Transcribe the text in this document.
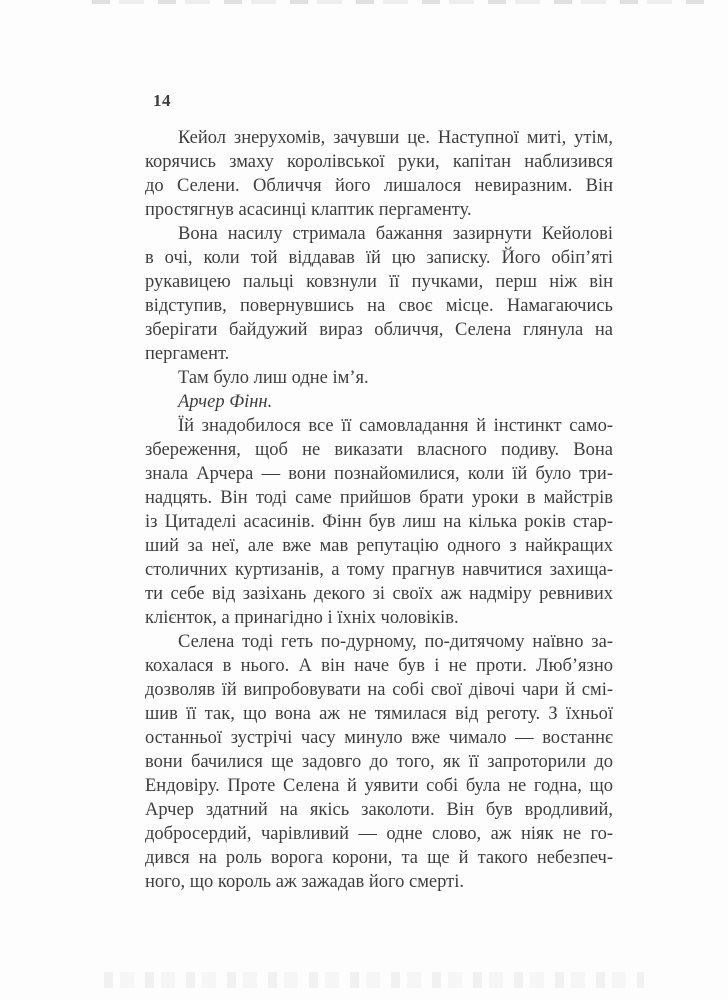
14
Кейол знерухомів, зачувши це. Наступної миті, утім,
корячись змаху королівської руки, капітан наблизився
до Селени. Обличчя його лишалося невиразним. Він
простягнув асасинці клаптик пергаменту.
Вона насилу стримала бажання зазирнути Кейолові
в очі, коли той віддавав їй цю записку. Його обіп’яті
рукавицею пальці ковзнули її пучками, перш ніж він
відступив, повернувшись на своє місце. Намагаючись
зберігати байдужий вираз обличчя, Селена глянула на
пергамент.
Там було лиш одне ім’я.
Арчер Фінн.
Їй знадобилося все її самовладання й інстинкт само-
збереження, щоб не виказати власного подиву. Вона
знала Арчера — вони познайомилися, коли їй було три-
надцять. Він тоді саме прийшов брати уроки в майстрів
із Цитаделі асасинів. Фінн був лиш на кілька років стар-
ший за неї, але вже мав репутацію одного з найкращих
столичних куртизанів, а тому прагнув навчитися захища-
ти себе від зазіхань декого зі своїх аж надміру ревнивих
клієнток, а принагідно і їхніх чоловіків.
Селена тоді геть по-дурному, по-дитячому наївно за-
кохалася в нього. А він наче був і не проти. Люб’язно
дозволяв їй випробовувати на собі свої дівочі чари й смі-
шив її так, що вона аж не тямилася від реготу. З їхньої
останньої зустрічі часу минуло вже чимало — востаннє
вони бачилися ще задовго до того, як її запроторили до
Ендовіру. Проте Селена й уявити собі була не годна, що
Арчер здатний на якісь заколоти. Він був вродливий,
добросердий, чарівливий — одне слово, аж ніяк не го-
дився на роль ворога корони, та ще й такого небезпеч-
ного, що король аж зажадав його смерті.
